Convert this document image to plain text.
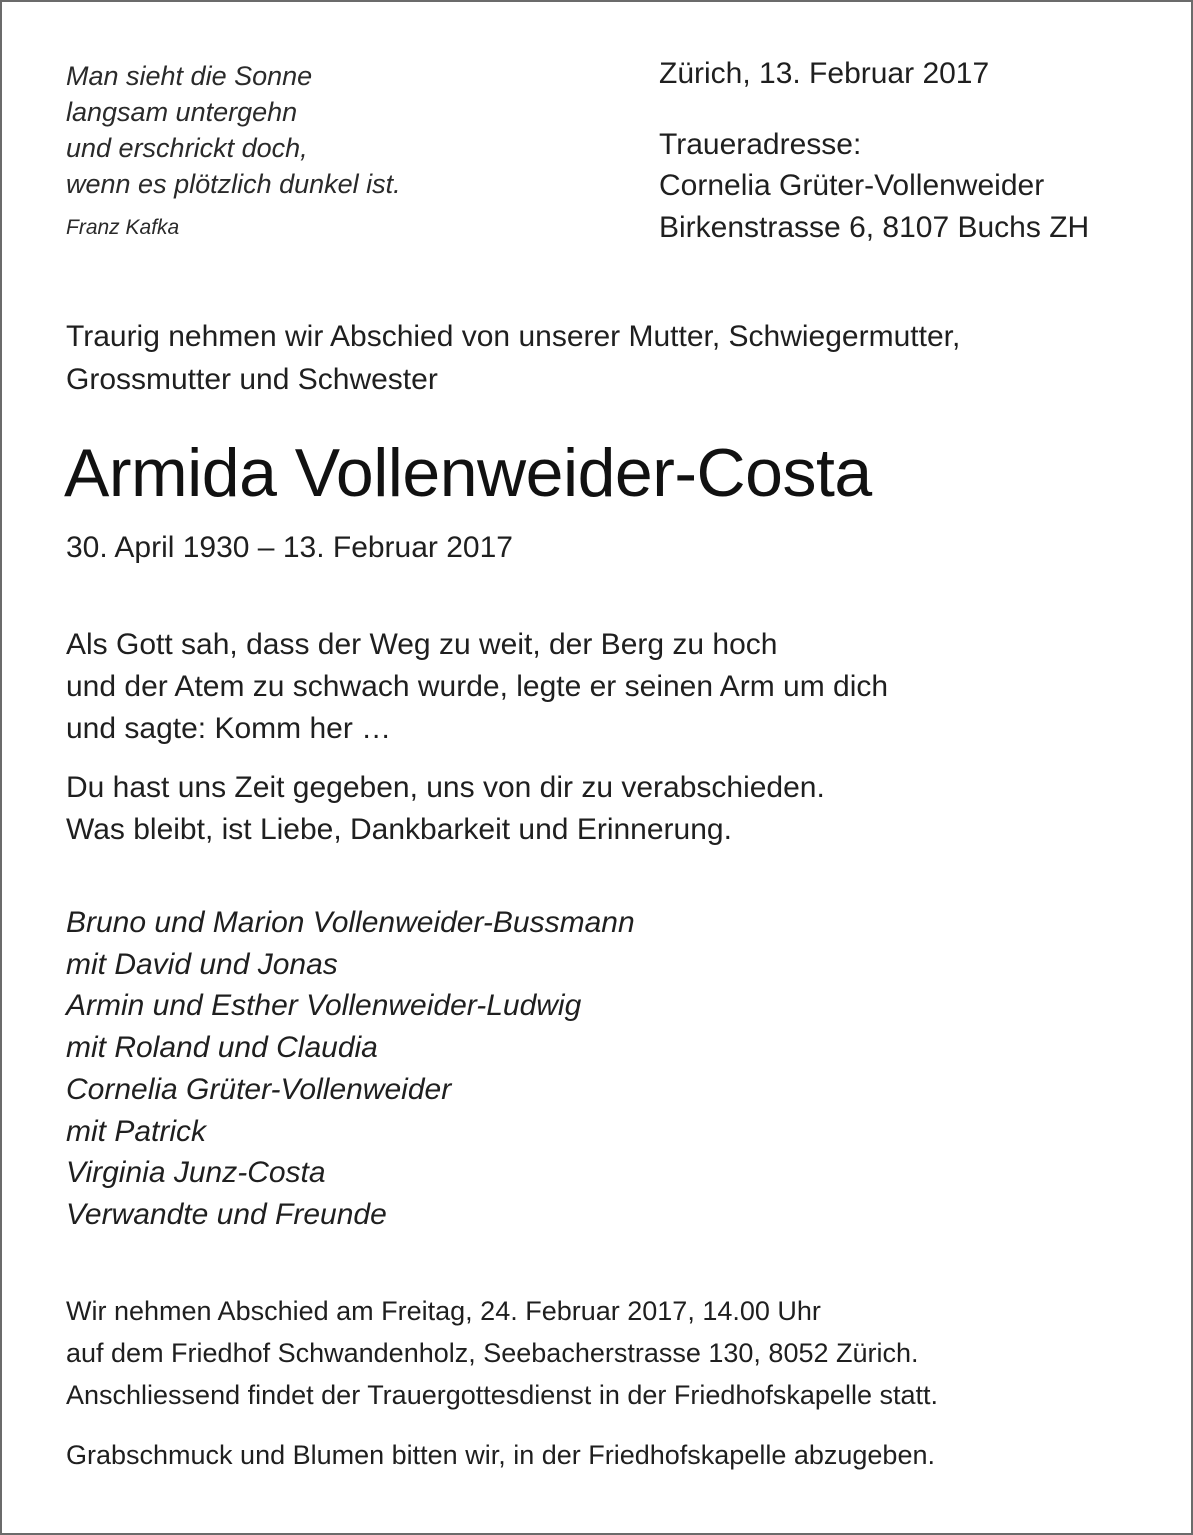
Man sieht die Sonne
langsam untergehn
und erschrickt doch,
wenn es plötzlich dunkel ist.
Franz Kafka
Zürich, 13. Februar 2017
Traueradresse:
Cornelia Grüter-Vollenweider
Birkenstrasse 6, 8107 Buchs ZH
Traurig nehmen wir Abschied von unserer Mutter, Schwiegermutter,
Grossmutter und Schwester
Armida Vollenweider-Costa
30. April 1930 – 13. Februar 2017
Als Gott sah, dass der Weg zu weit, der Berg zu hoch
und der Atem zu schwach wurde, legte er seinen Arm um dich
und sagte: Komm her …
Du hast uns Zeit gegeben, uns von dir zu verabschieden.
Was bleibt, ist Liebe, Dankbarkeit und Erinnerung.
Bruno und Marion Vollenweider-Bussmann
mit David und Jonas
Armin und Esther Vollenweider-Ludwig
mit Roland und Claudia
Cornelia Grüter-Vollenweider
mit Patrick
Virginia Junz-Costa
Verwandte und Freunde
Wir nehmen Abschied am Freitag, 24. Februar 2017, 14.00 Uhr
auf dem Friedhof Schwandenholz, Seebacherstrasse 130, 8052 Zürich.
Anschliessend findet der Trauergottesdienst in der Friedhofskapelle statt.
Grabschmuck und Blumen bitten wir, in der Friedhofskapelle abzugeben.
